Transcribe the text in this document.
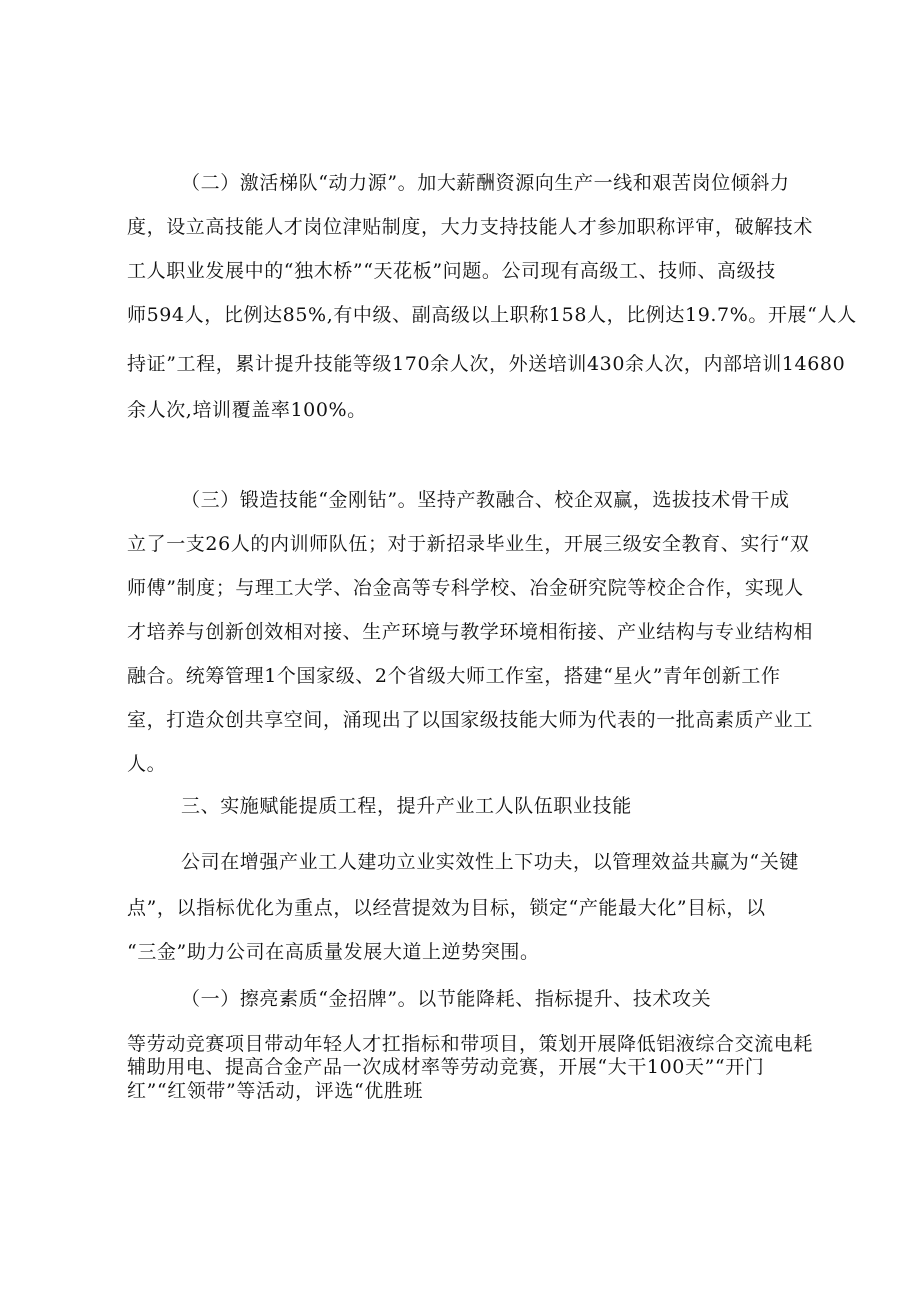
（二）激活梯队“动力源”。加大薪酬资源向生产一线和艰苦岗位倾斜力
度，设立高技能人才岗位津贴制度，大力支持技能人才参加职称评审，破解技术
工人职业发展中的“独木桥”“天花板”问题。公司现有高级工、技师、高级技
师594人，比例达85%,有中级、副高级以上职称158人，比例达19.7%。开展“人人
持证”工程，累计提升技能等级170余人次，外送培训430余人次，内部培训14680
余人次,培训覆盖率100%。
（三）锻造技能“金刚钻”。坚持产教融合、校企双赢，选拔技术骨干成
立了一支26人的内训师队伍；对于新招录毕业生，开展三级安全教育、实行“双
师傅”制度；与理工大学、冶金高等专科学校、冶金研究院等校企合作，实现人
才培养与创新创效相对接、生产环境与教学环境相衔接、产业结构与专业结构相
融合。统筹管理1个国家级、2个省级大师工作室，搭建“星火”青年创新工作
室，打造众创共享空间，涌现出了以国家级技能大师为代表的一批高素质产业工
人。
三、实施赋能提质工程，提升产业工人队伍职业技能
公司在增强产业工人建功立业实效性上下功夫，以管理效益共赢为“关键
点”，以指标优化为重点，以经营提效为目标，锁定“产能最大化”目标，以
“三金”助力公司在高质量发展大道上逆势突围。
（一）擦亮素质“金招牌”。以节能降耗、指标提升、技术攻关
等劳动竞赛项目带动年轻人才扛指标和带项目，策划开展降低铝液综合交流电耗
辅助用电、提高合金产品一次成材率等劳动竞赛，开展“大干100天”“开门
红”“红领带”等活动，评选“优胜班
